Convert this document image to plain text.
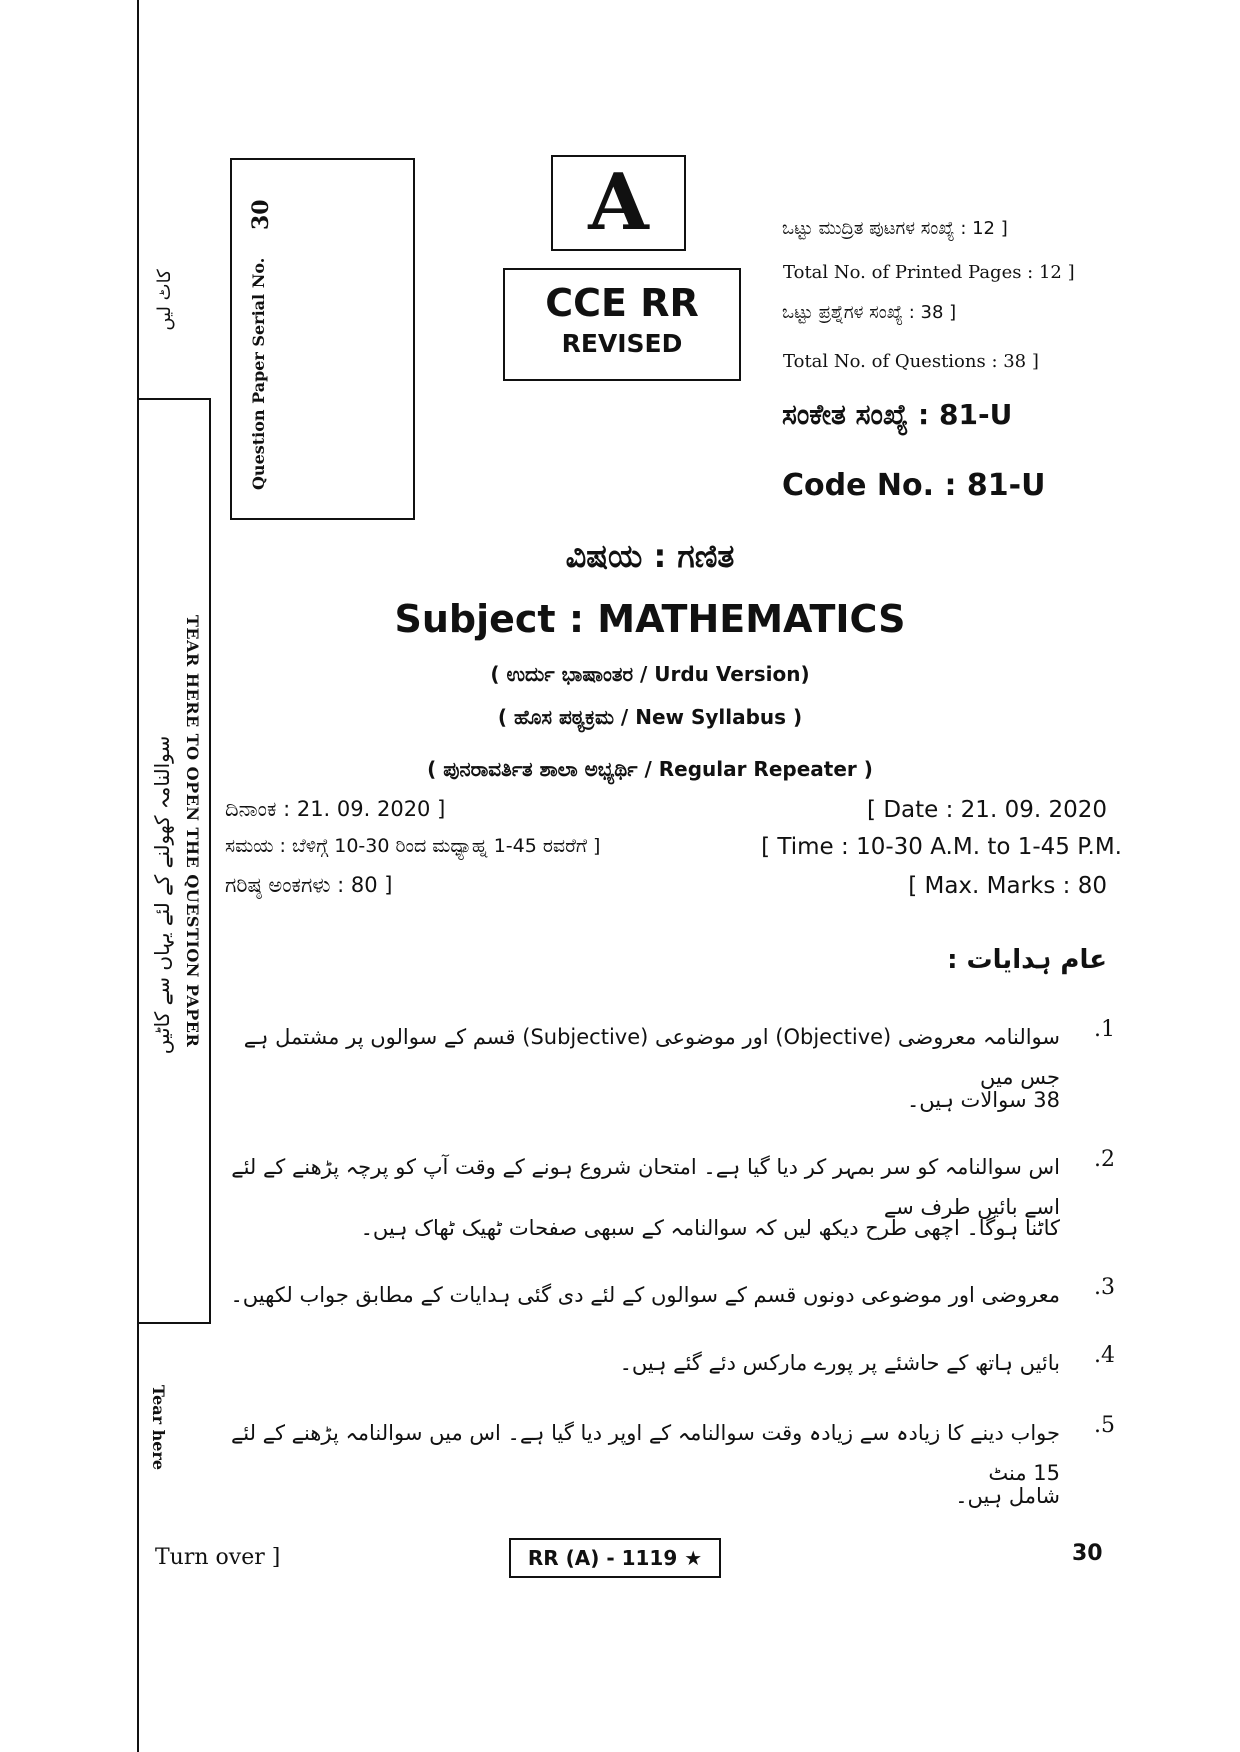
کاٹ لیں
TEAR HERE TO OPEN THE QUESTION PAPER
سوالنامہ کھولنے کے لئے یہاں سے کاٹیں
Tear here
Question Paper Serial No.
30	A
CCE RR
REVISED
ಒಟ್ಟು ಮುದ್ರಿತ ಪುಟಗಳ ಸಂಖ್ಯೆ : 12 ]
Total No. of Printed Pages : 12 ]
ಒಟ್ಟು ಪ್ರಶ್ನೆಗಳ ಸಂಖ್ಯೆ : 38 ]
Total No. of Questions : 38 ]
ಸಂಕೇತ ಸಂಖ್ಯೆ : 81-U
Code No. : 81-U
ವಿಷಯ : ಗಣಿತ
Subject : MATHEMATICS
( ಉರ್ದು ಭಾಷಾಂತರ / Urdu Version)
( ಹೊಸ ಪಠ್ಯಕ್ರಮ / New Syllabus )
( ಪುನರಾವರ್ತಿತ ಶಾಲಾ ಅಭ್ಯರ್ಥಿ / Regular Repeater )
ದಿನಾಂಕ : 21. 09. 2020 ]	[ Date : 21. 09. 2020
ಸಮಯ : ಬೆಳಿಗ್ಗೆ 10-30 ರಿಂದ ಮಧ್ಯಾಹ್ನ 1-45 ರವರೆಗೆ ]	[ Time : 10-30 A.M. to 1-45 P.M.
ಗರಿಷ್ಠ ಅಂಕಗಳು : 80 ]	[ Max. Marks : 80
عام ہدایات :
.1
سوالنامہ معروضی (Objective) اور موضوعی (Subjective) قسم کے سوالوں پر مشتمل ہے جس میں
38 سوالات ہیں۔
.2
اس سوالنامہ کو سر بمہر کر دیا گیا ہے۔ امتحان شروع ہونے کے وقت آپ کو پرچہ پڑھنے کے لئے اسے بائیں طرف سے
کاٹنا ہوگا۔ اچھی طرح دیکھ لیں کہ سوالنامہ کے سبھی صفحات ٹھیک ٹھاک ہیں۔
.3
معروضی اور موضوعی دونوں قسم کے سوالوں کے لئے دی گئی ہدایات کے مطابق جواب لکھیں۔
.4
بائیں ہاتھ کے حاشئے پر پورے مارکس دئے گئے ہیں۔
.5
جواب دینے کا زیادہ سے زیادہ وقت سوالنامہ کے اوپر دیا گیا ہے۔ اس میں سوالنامہ پڑھنے کے لئے 15 منٹ
شامل ہیں۔
Turn over ]	RR (A) - 1119 ★	30
